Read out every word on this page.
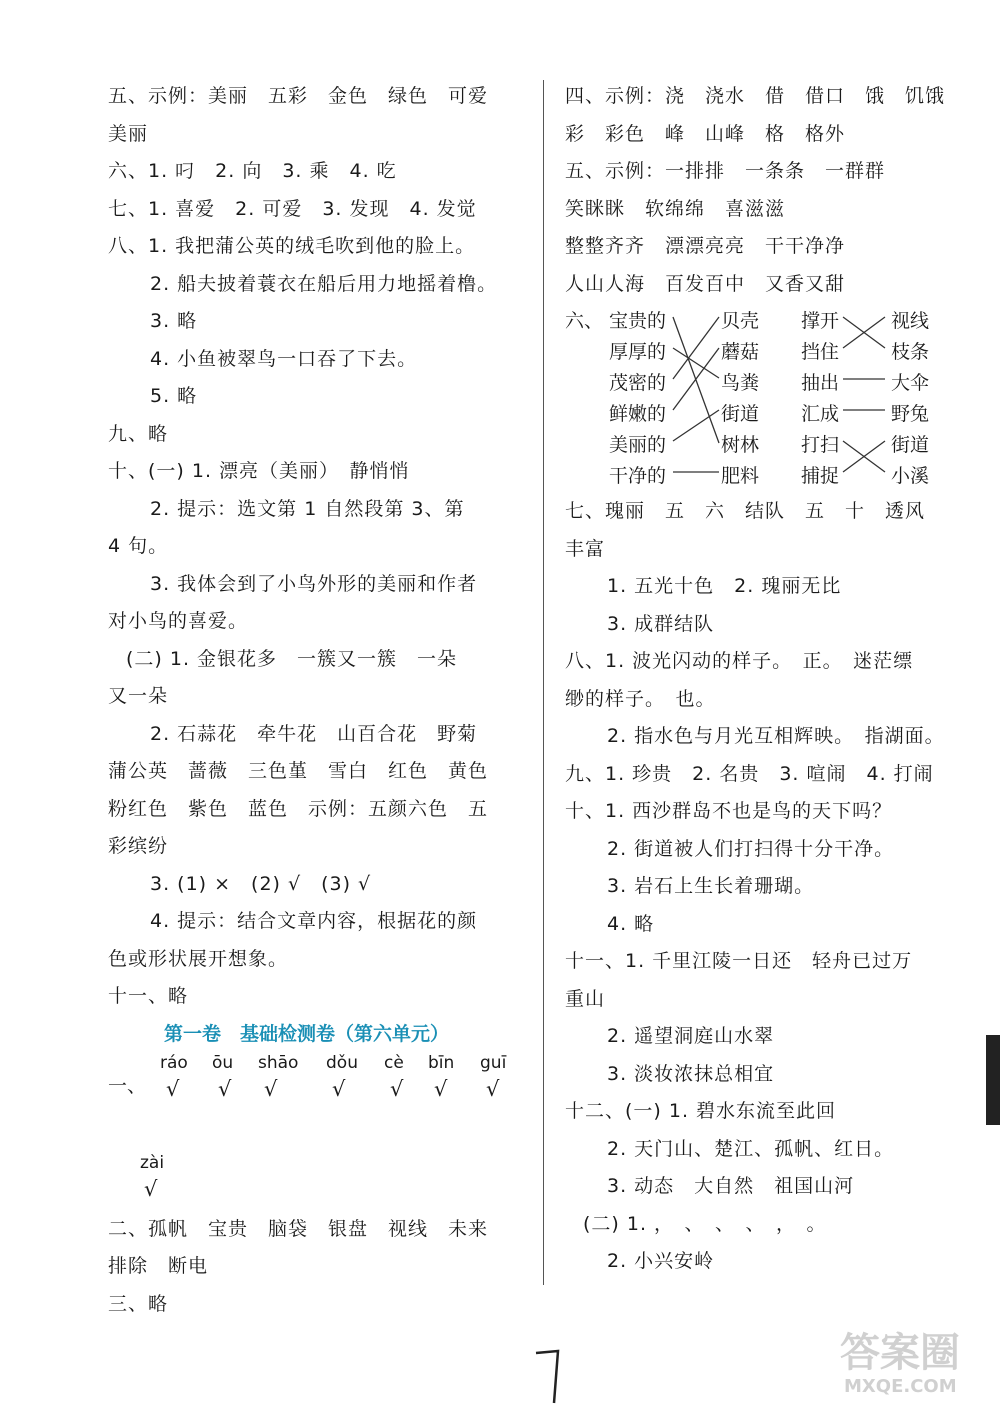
五、示例：美丽　五彩　金色　绿色　可爱
美丽
六、1. 叼　2. 向　3. 乘　4. 吃
七、1. 喜爱　2. 可爱　3. 发现　4. 发觉
八、1. 我把蒲公英的绒毛吹到他的脸上。
2. 船夫披着蓑衣在船后用力地摇着橹。
3. 略
4. 小鱼被翠鸟一口吞了下去。
5. 略
九、略
十、(一) 1. 漂亮（美丽）　静悄悄
2. 提示：选文第 1 自然段第 3、第
4 句。
3. 我体会到了小鸟外形的美丽和作者
对小鸟的喜爱。
(二) 1. 金银花多　一簇又一簇　一朵
又一朵
2. 石蒜花　牵牛花　山百合花　野菊
蒲公英　蔷薇　三色堇　雪白　红色　黄色
粉红色　紫色　蓝色　示例：五颜六色　五
彩缤纷
3. (1) ×　(2) √　(3) √
4. 提示：结合文章内容，根据花的颜
色或形状展开想象。
十一、略
第一卷　基础检测卷（第六单元）
一、
ráo
√
ōu
√
shāo
√
dǒu
√
cè
√
bīn
√
guī
√
zài
√
二、孤帆　宝贵　脑袋　银盘　视线　未来
排除　断电
三、略
四、示例：浇　浇水　借　借口　饿　饥饿
彩　彩色　峰　山峰　格　格外
五、示例：一排排　一条条　一群群
笑眯眯　软绵绵　喜滋滋
整整齐齐　漂漂亮亮　干干净净
人山人海　百发百中　又香又甜
六、 宝贵的
厚厚的
茂密的
鲜嫩的
美丽的
干净的
贝壳
蘑菇
鸟粪
街道
树林
肥料
撑开
挡住
抽出
汇成
打扫
捕捉
视线
枝条
大伞
野兔
街道
小溪
七、瑰丽　五　六　结队　五　十　透风
丰富
1. 五光十色　2. 瑰丽无比
3. 成群结队
八、1. 波光闪动的样子。　正。　迷茫缥
缈的样子。　也。
2. 指水色与月光互相辉映。　指湖面。
九、1. 珍贵　2. 名贵　3. 喧闹　4. 打闹
十、1. 西沙群岛不也是鸟的天下吗？
2. 街道被人们打扫得十分干净。
3. 岩石上生长着珊瑚。
4. 略
十一、1. 千里江陵一日还　轻舟已过万
重山
2. 遥望洞庭山水翠
3. 淡妆浓抹总相宜
十二、(一) 1. 碧水东流至此回
2. 天门山、楚江、孤帆、红日。
3. 动态　大自然　祖国山河
(二) 1. ，　、　、　、　，　。
2. 小兴安岭
答案圈
MXQE.COM
